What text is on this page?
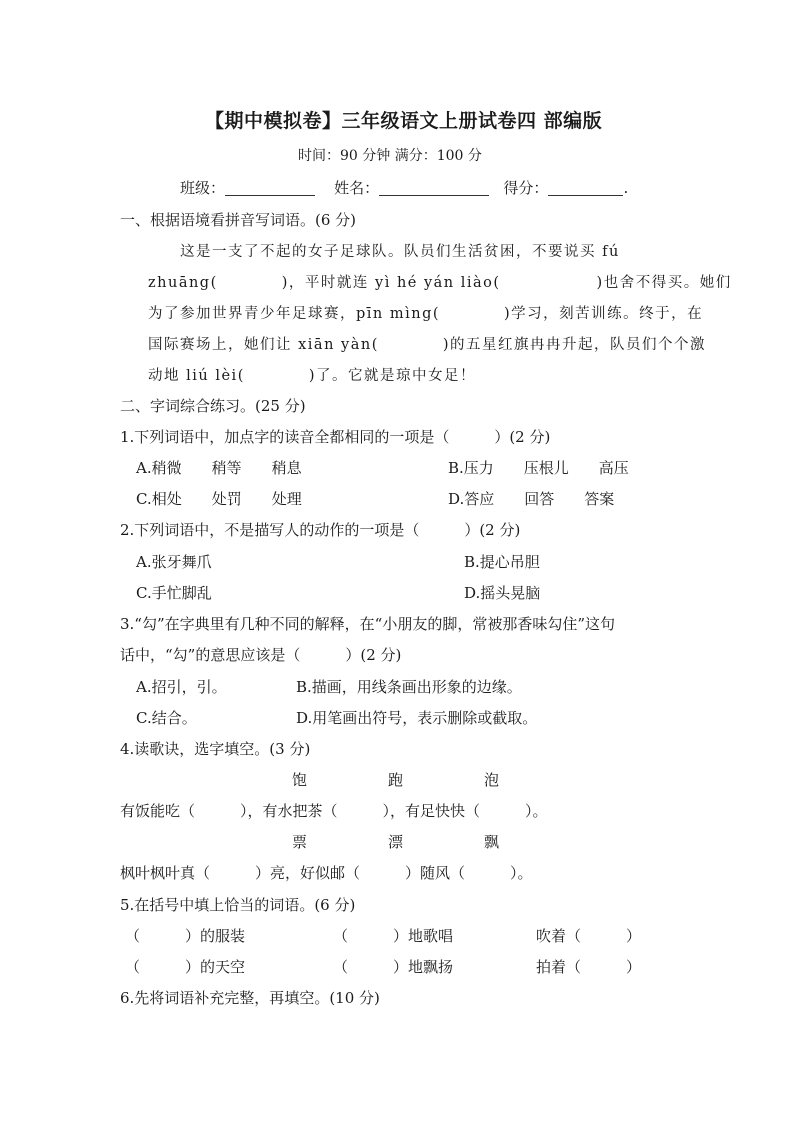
【期中模拟卷】三年级语文上册试卷四 部编版
时间：90 分钟 满分：100 分
班级：	姓名：	得分：	.
一、根据语境看拼音写词语。(6 分)
这是一支了不起的女子足球队。队员们生活贫困，不要说买 fú
zhuāng(　　　　)，平时就连 yì hé yán liào(　　　　　　)也舍不得买。她们
为了参加世界青少年足球赛，pīn mìng(　　　　)学习，刻苦训练。终于，在
国际赛场上，她们让 xiān yàn(　　　　)的五星红旗冉冉升起，队员们个个激
动地 liú lèi(　　　　)了。它就是琼中女足！
二、字词综合练习。(25 分)
1.下列词语中，加点字的读音全都相同的一项是（　　　）(2 分)
A.稍微　　稍等　　稍息	B.压力　　压根儿　　高压
C.相处　　处罚　　处理	D.答应　　回答　　答案
2.下列词语中，不是描写人的动作的一项是（　　　）(2 分)
A.张牙舞爪	B.提心吊胆
C.手忙脚乱	D.摇头晃脑
3.“勾”在字典里有几种不同的解释，在“小朋友的脚，常被那香味勾住”这句
话中，“勾”的意思应该是（　　　）(2 分)
A.招引，引。	B.描画，用线条画出形象的边缘。
C.结合。	D.用笔画出符号，表示删除或截取。
4.读歌诀，选字填空。(3 分)
饱	跑	泡
有饭能吃（　　　），有水把茶（　　　），有足快快（　　　）。
票	漂	飘
枫叶枫叶真（　　　）亮，好似邮（　　　）随风（　　　）。
5.在括号中填上恰当的词语。(6 分)
（　　　）的服装	（　　　）地歌唱	吹着（　　　）
（　　　）的天空	（　　　）地飘扬	拍着（　　　）
6.先将词语补充完整，再填空。(10 分)
